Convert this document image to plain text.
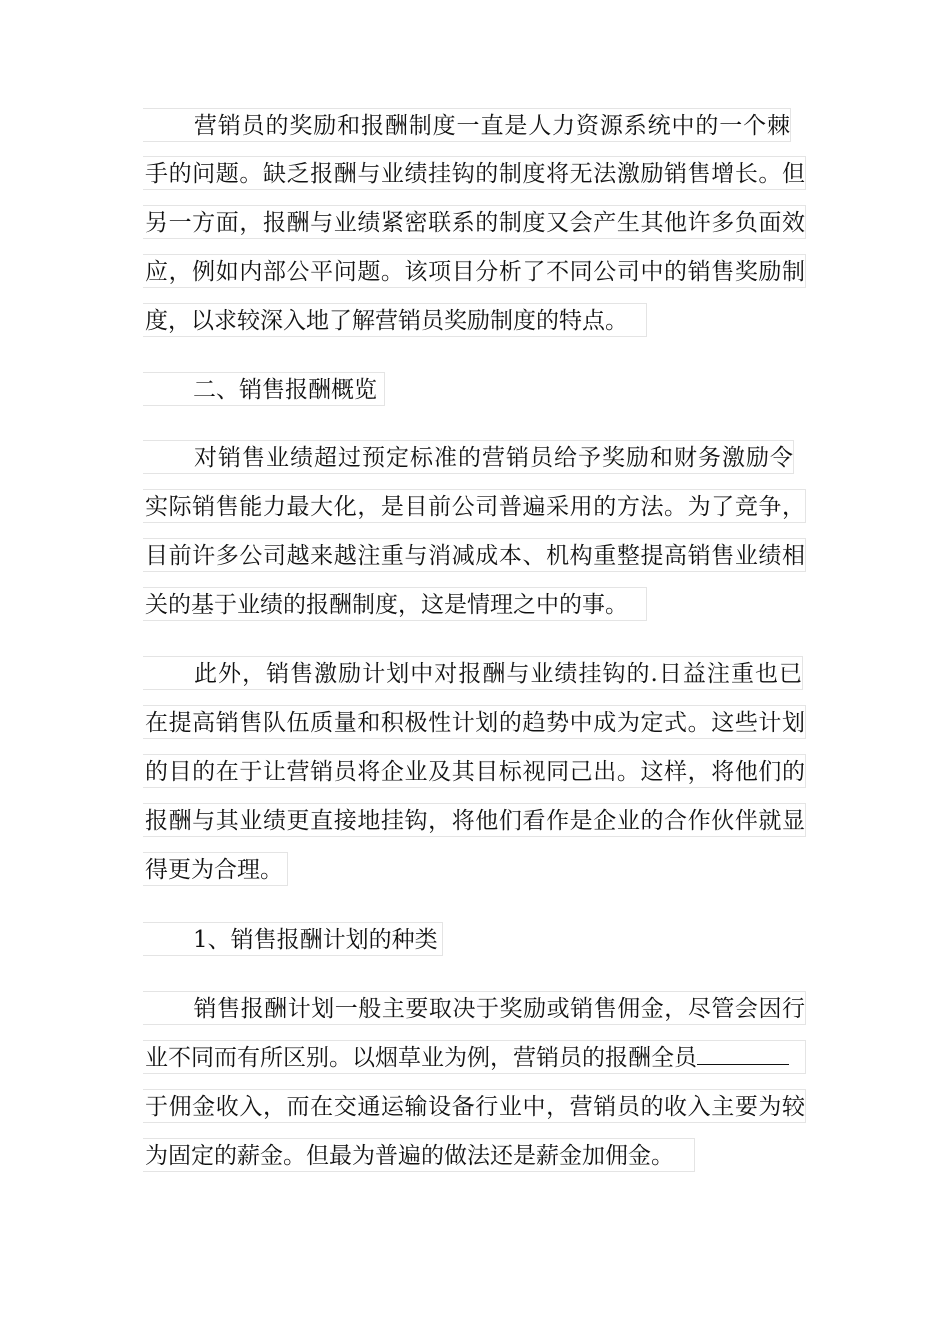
营销员的奖励和报酬制度一直是人力资源系统中的一个棘
手的问题。缺乏报酬与业绩挂钩的制度将无法激励销售增长。但
另一方面，报酬与业绩紧密联系的制度又会产生其他许多负面效
应，例如内部公平问题。该项目分析了不同公司中的销售奖励制
度，以求较深入地了解营销员奖励制度的特点。
二、销售报酬概览
对销售业绩超过预定标准的营销员给予奖励和财务激励令
实际销售能力最大化，是目前公司普遍采用的方法。为了竞争，
目前许多公司越来越注重与消减成本、机构重整提高销售业绩相
关的基于业绩的报酬制度，这是情理之中的事。
此外，销售激励计划中对报酬与业绩挂钩的.日益注重也已
在提高销售队伍质量和积极性计划的趋势中成为定式。这些计划
的目的在于让营销员将企业及其目标视同己出。这样，将他们的
报酬与其业绩更直接地挂钩，将他们看作是企业的合作伙伴就显
得更为合理。
1、销售报酬计划的种类
销售报酬计划一般主要取决于奖励或销售佣金，尽管会因行
业不同而有所区别。以烟草业为例，营销员的报酬全员
于佣金收入，而在交通运输设备行业中，营销员的收入主要为较
为固定的薪金。但最为普遍的做法还是薪金加佣金。
